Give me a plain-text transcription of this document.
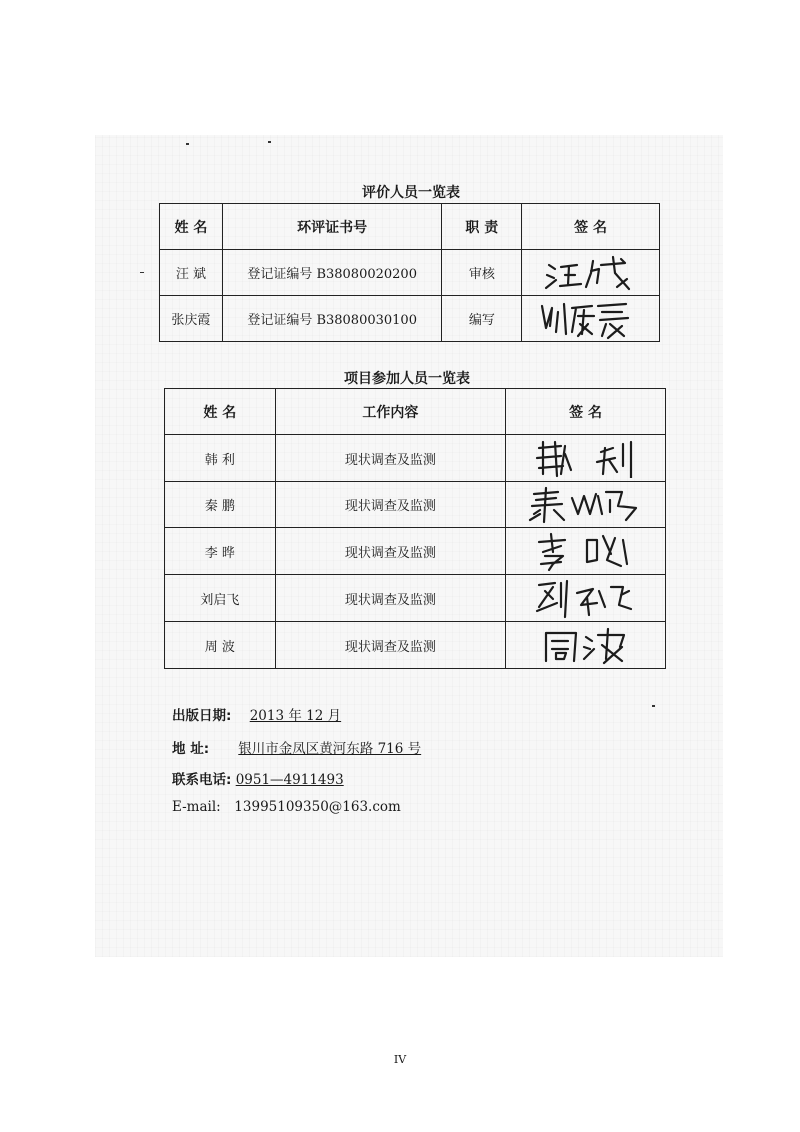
评价人员一览表
姓 名	环评证书号	职 责	签 名
汪 斌	登记证编号 B38080020200	审核	

张庆霞	登记证编号 B38080030100	编写	
项目参加人员一览表
姓 名	工作内容	签 名
韩 利	现状调查及监测	

秦 鹏	现状调查及监测	

李 晔	现状调查及监测	

刘启飞	现状调查及监测	

周 波	现状调查及监测	
出版日期: 2013 年 12 月
地 址: 银川市金凤区黄河东路 716 号
联系电话: 0951—4911493
E-mail: 13995109350@163.com
IV
